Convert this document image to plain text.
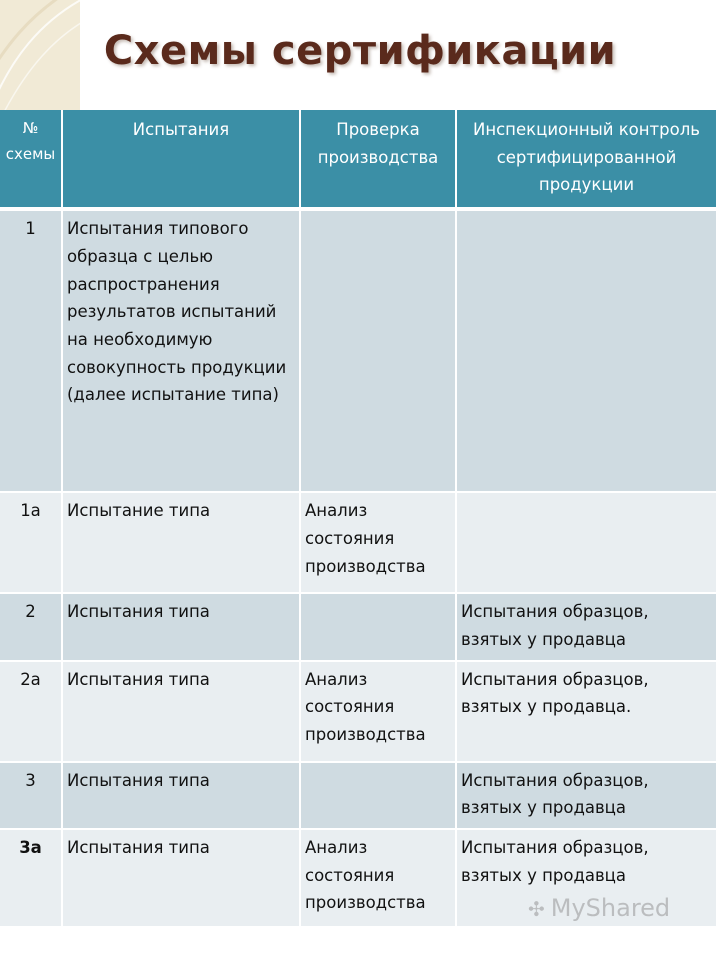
Схемы сертификации
№ схемы	Испытания	Проверка производства	Инспекционный контроль сертифицированной продукции
1	Испытания типового образца с целью распространения результатов испытаний на необходимую совокупность продукции (далее испытание типа)		
1а	Испытание типа	Анализ состояния производства	
2	Испытания типа		Испытания образцов, взятых у продавца
2а	Испытания типа	Анализ состояния производства	Испытания образцов, взятых у продавца.
3	Испытания типа		Испытания образцов, взятых у продавца
3а	Испытания типа	Анализ состояния производства	Испытания образцов, взятых у продавца
✣ MyShared
